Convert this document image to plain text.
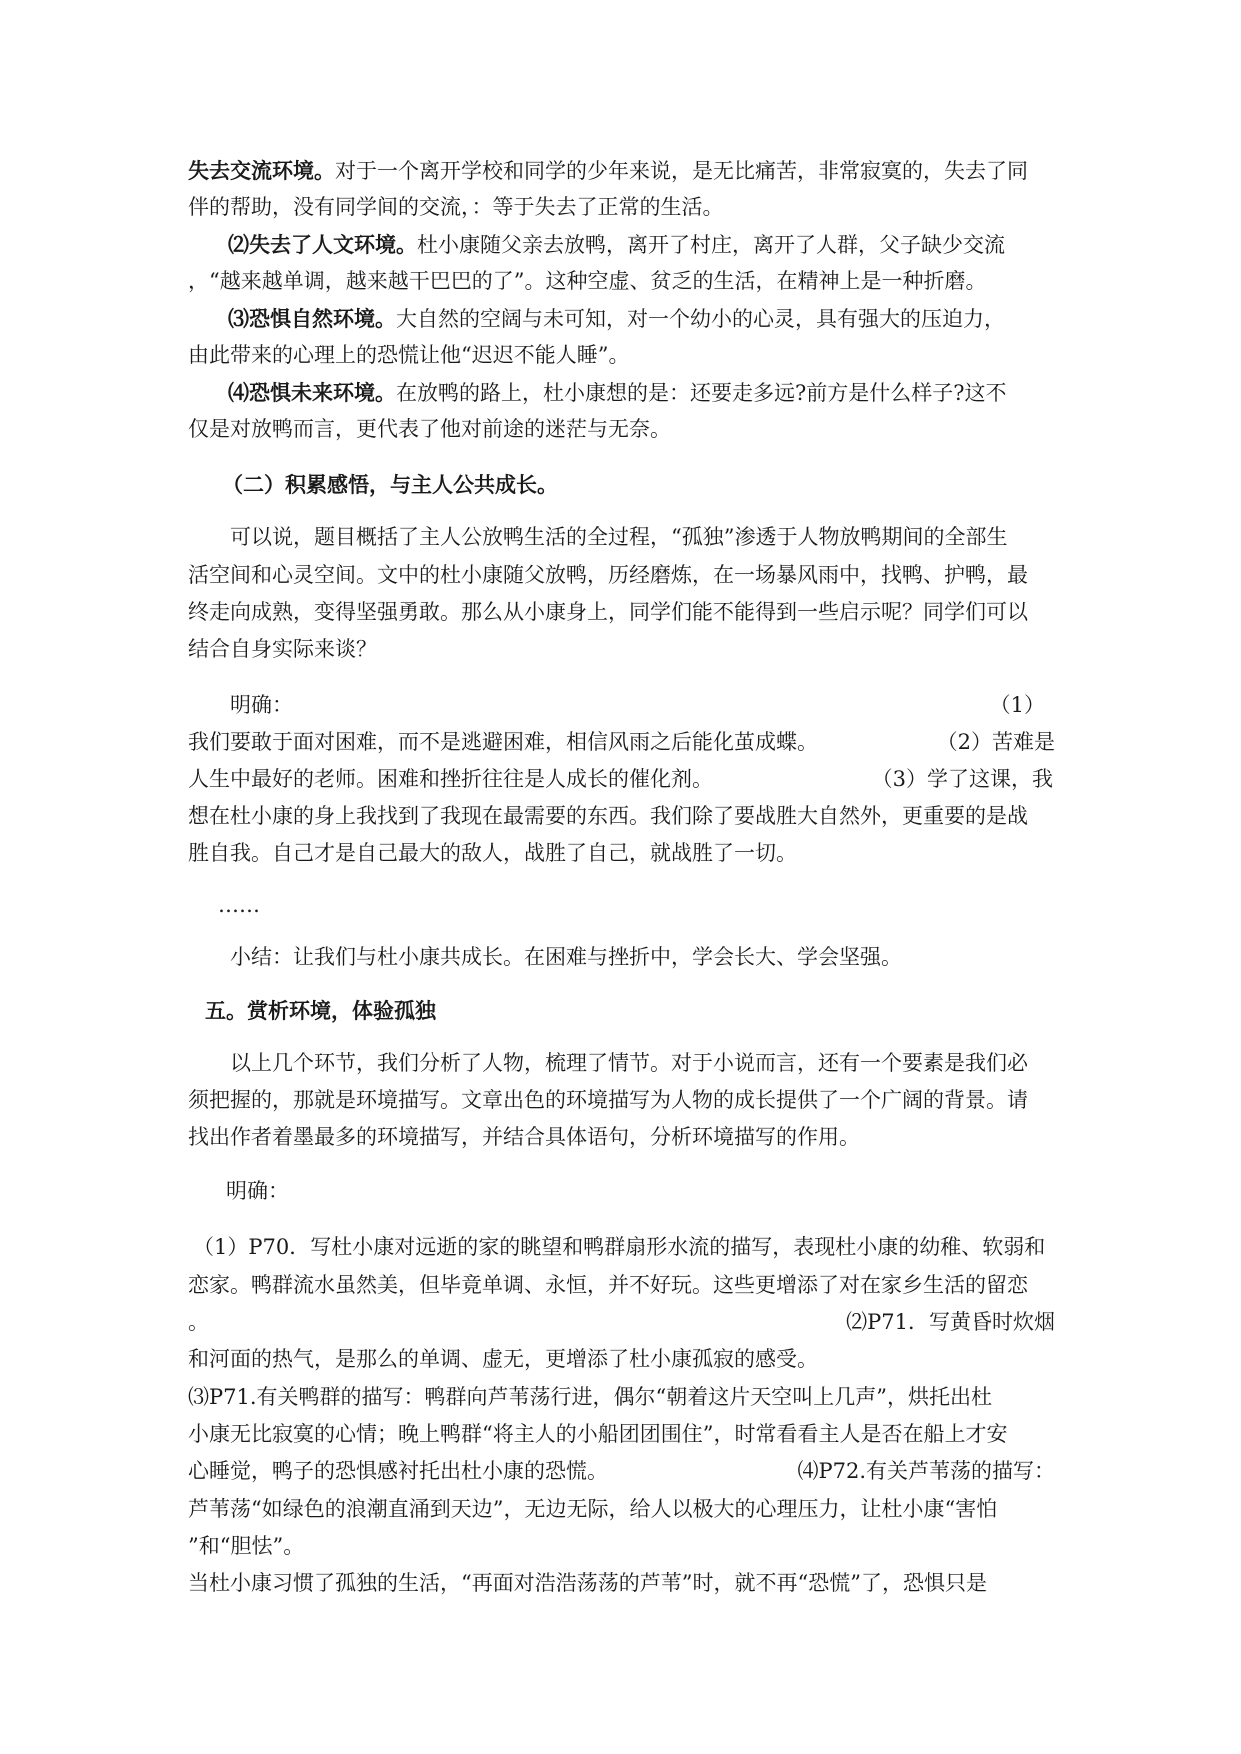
失去交流环境。对于一个离开学校和同学的少年来说，是无比痛苦，非常寂寞的，失去了同
伴的帮助，没有同学间的交流，：等于失去了正常的生活。
⑵失去了人文环境。杜小康随父亲去放鸭，离开了村庄，离开了人群，父子缺少交流
，“越来越单调，越来越干巴巴的了”。这种空虚、贫乏的生活，在精神上是一种折磨。
⑶恐惧自然环境。大自然的空阔与未可知，对一个幼小的心灵，具有强大的压迫力，
由此带来的心理上的恐慌让他“迟迟不能人睡”。
⑷恐惧未来环境。在放鸭的路上，杜小康想的是：还要走多远?前方是什么样子?这不
仅是对放鸭而言，更代表了他对前途的迷茫与无奈。
（二）积累感悟，与主人公共成长。
可以说，题目概括了主人公放鸭生活的全过程，“孤独”渗透于人物放鸭期间的全部生
活空间和心灵空间。文中的杜小康随父放鸭，历经磨炼，在一场暴风雨中，找鸭、护鸭，最
终走向成熟，变得坚强勇敢。那么从小康身上，同学们能不能得到一些启示呢？同学们可以
结合自身实际来谈？
明确：	（1）
我们要敢于面对困难，而不是逃避困难，相信风雨之后能化茧成蝶。	（2）苦难是
人生中最好的老师。困难和挫折往往是人成长的催化剂。	（3）学了这课，我
想在杜小康的身上我找到了我现在最需要的东西。我们除了要战胜大自然外，更重要的是战
胜自我。自己才是自己最大的敌人，战胜了自己，就战胜了一切。
……
小结：让我们与杜小康共成长。在困难与挫折中，学会长大、学会坚强。
五。赏析环境，体验孤独
以上几个环节，我们分析了人物，梳理了情节。对于小说而言，还有一个要素是我们必
须把握的，那就是环境描写。文章出色的环境描写为人物的成长提供了一个广阔的背景。请
找出作者着墨最多的环境描写，并结合具体语句，分析环境描写的作用。
明确：
（1）P70．写杜小康对远逝的家的眺望和鸭群扇形水流的描写，表现杜小康的幼稚、软弱和
恋家。鸭群流水虽然美，但毕竟单调、永恒，并不好玩。这些更增添了对在家乡生活的留恋
。	⑵P71．写黄昏时炊烟
和河面的热气，是那么的单调、虚无，更增添了杜小康孤寂的感受。
⑶P71.有关鸭群的描写：鸭群向芦苇荡行进，偶尔“朝着这片天空叫上几声”，烘托出杜
小康无比寂寞的心情；晚上鸭群“将主人的小船团团围住”，时常看看主人是否在船上才安
心睡觉，鸭子的恐惧感衬托出杜小康的恐慌。	⑷P72.有关芦苇荡的描写：
芦苇荡“如绿色的浪潮直涌到天边”，无边无际，给人以极大的心理压力，让杜小康“害怕
”和“胆怯”。
当杜小康习惯了孤独的生活，“再面对浩浩荡荡的芦苇”时，就不再“恐慌”了，恐惧只是
